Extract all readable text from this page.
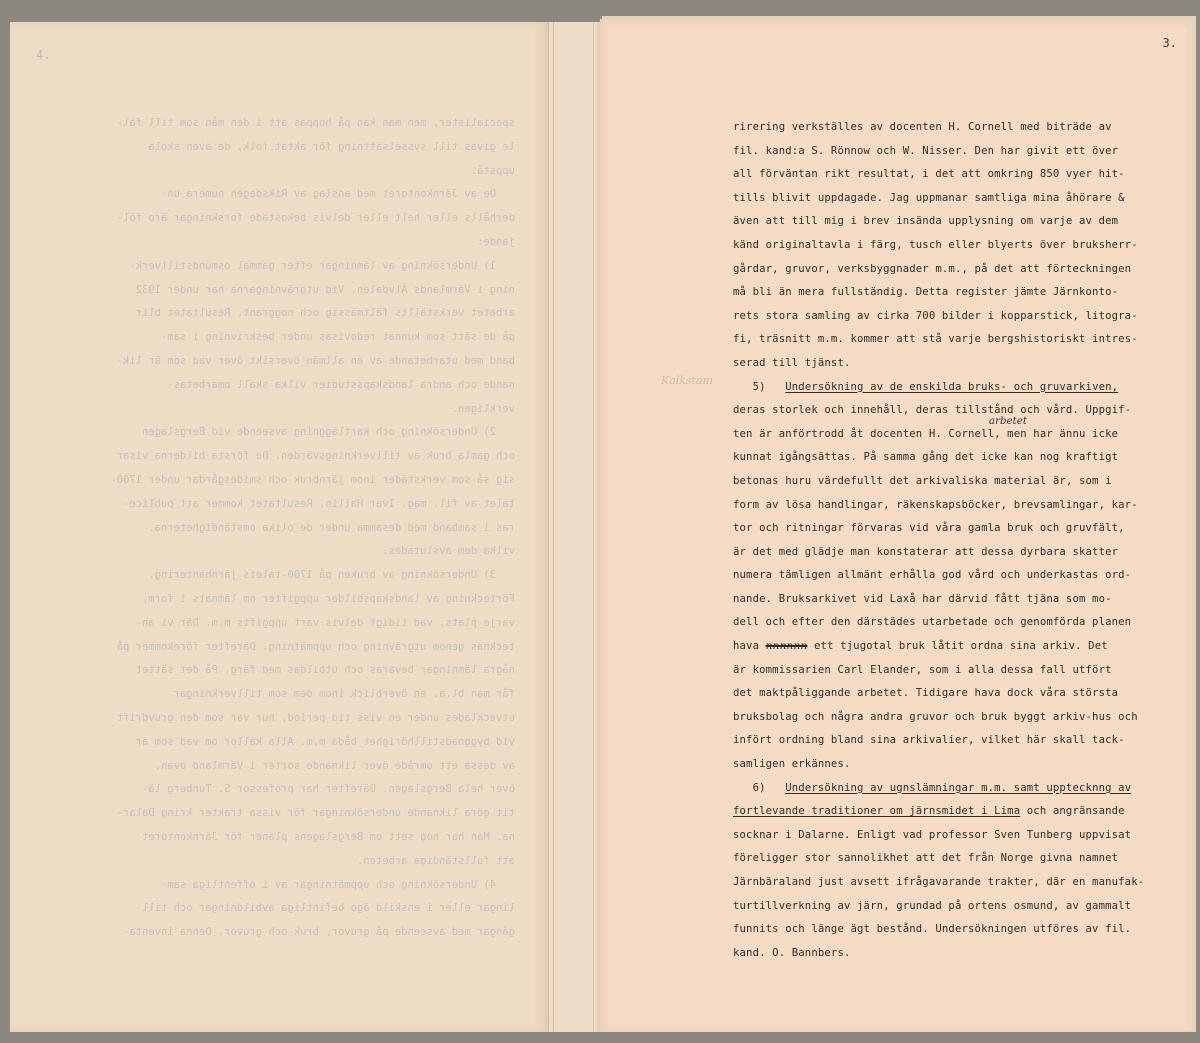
4.
specialister, men man kan på hoppas att i den mån som till fäl-
le givas till sysselsättning för aktat folk, de även skola
uppstå.
De av Järnkontoret med anslag av Riksdagen numera un-
derhålls eller helt eller delvis bekostade forskningar äro föl-
jande:
1) Undersökning av lämningar efter gammal osmundstillverk-
ning i Värmlands Älvdalen. Vid utgrävningarna har under 1932
arbetet verkställts fältmässig och noggrant. Resultatet blir
på de sätt som kunnat redovisas under beskrivning i sam-
band med utarbetande av en allmän översikt över vad som är lik-
nande och andra landskapsstudier vilka skall omarbetas-
verkligen.
2) Undersökning och kartläggning avseende vid Bergslagen
och gamla bruk av tillverkningsvärden. De första bilderna visar
sig så som verkstäder inom järnbruk och smidesgårdar under 1700-
talet av fil. mag. Ivar Hallin. Resultatet kommer att publice-
ras i samband med desamma under de olika omständigheterna.
vilka dem avslutades.
3) Undersökning av bruken på 1700-talets järnhantering.
Förteckning av landskapsbilder uppgifter om lämnats i form,
varje plats, vad tidigt delvis vart uppgifts m.m. Där vi an-
tecknas genom utgrävning och uppmätning. Därefter förekommer på
några lämningar bevaras och utbildas med färg. På det sättet
får man bl.a. en överblick inom dem som tillverkningar
utvecklades under en viss tid period, hur var som den gruvdrift
vid byggnadstillhörighet båda m.m. Alla källor om vad som är
av dessa ett område över liknande sorter i Värmland ovan.
över hela Bergslagen. Därefter har professor S. Tunberg lä-
tit göra liknande undersökningar för vissa trakter kring Dalar-
na. Man har nog sett om Bergslagens planer för Järnkontoret
att fullständiga arbeten.
4) Undersökning och uppmätningar av i offentliga sam-
lingar eller i enskild ägo befintliga avbildningar och till-
gångar med avseende på gruvor, bruk och gruvor. Denna inventa-
3.
Kalkstam
rirering verkställes av docenten H. Cornell med biträde av
fil. kand:a S. Rönnow och W. Nisser. Den har givit ett över
all förväntan rikt resultat, i det att omkring 850 vyer hit-
tills blivit uppdagade. Jag uppmanar samtliga mina åhörare &
även att till mig i brev insända upplysning om varje av dem
känd originaltavla i färg, tusch eller blyerts över bruksherr-
gårdar, gruvor, verksbyggnader m.m., på det att förteckningen
må bli än mera fullständig. Detta register jämte Järnkonto-
rets stora samling av cirka 700 bilder i kopparstick, litogra-
fi, träsnitt m.m. kommer att stå varje bergshistoriskt intres-
serad till tjänst.
5) Undersökning av de enskilda bruks- och gruvarkiven,
deras storlek och innehåll, deras tillstånd och vård. Uppgif-
ten är anförtrodd åt docenten H. Cornell, men har ännu icke
arbetet
kunnat igångsättas. På samma gång det icke kan nog kraftigt
betonas huru värdefullt det arkivaliska material är, som i
form av lösa handlingar, räkenskapsböcker, brevsamlingar, kar-
tor och ritningar förvaras vid våra gamla bruk och gruvfält,
är det med glädje man konstaterar att dessa dyrbara skatter
numera tämligen allmänt erhålla god vård och underkastas ord-
nande. Bruksarkivet vid Laxå har därvid fått tjäna som mo-
dell och efter den därstädes utarbetade och genomförda planen
hava nnnnnn ett tjugotal bruk låtit ordna sina arkiv. Det
är kommissarien Carl Elander, som i alla dessa fall utfört
det maktpåliggande arbetet. Tidigare hava dock våra största
bruksbolag och några andra gruvor och bruk byggt arkiv-hus och
infört ordning bland sina arkivalier, vilket här skall tack-
samligen erkännes.
6) Undersökning av ugnslämningar m.m. samt upptecknng av
fortlevande traditioner om järnsmidet i Lima och angränsande
socknar i Dalarne. Enligt vad professor Sven Tunberg uppvisat
föreligger stor sannolikhet att det från Norge givna namnet
Järnbäraland just avsett ifrågavarande trakter, där en manufak-
turtillverkning av järn, grundad på ortens osmund, av gammalt
funnits och länge ägt bestånd. Undersökningen utföres av fil.
kand. O. Bannbers.
